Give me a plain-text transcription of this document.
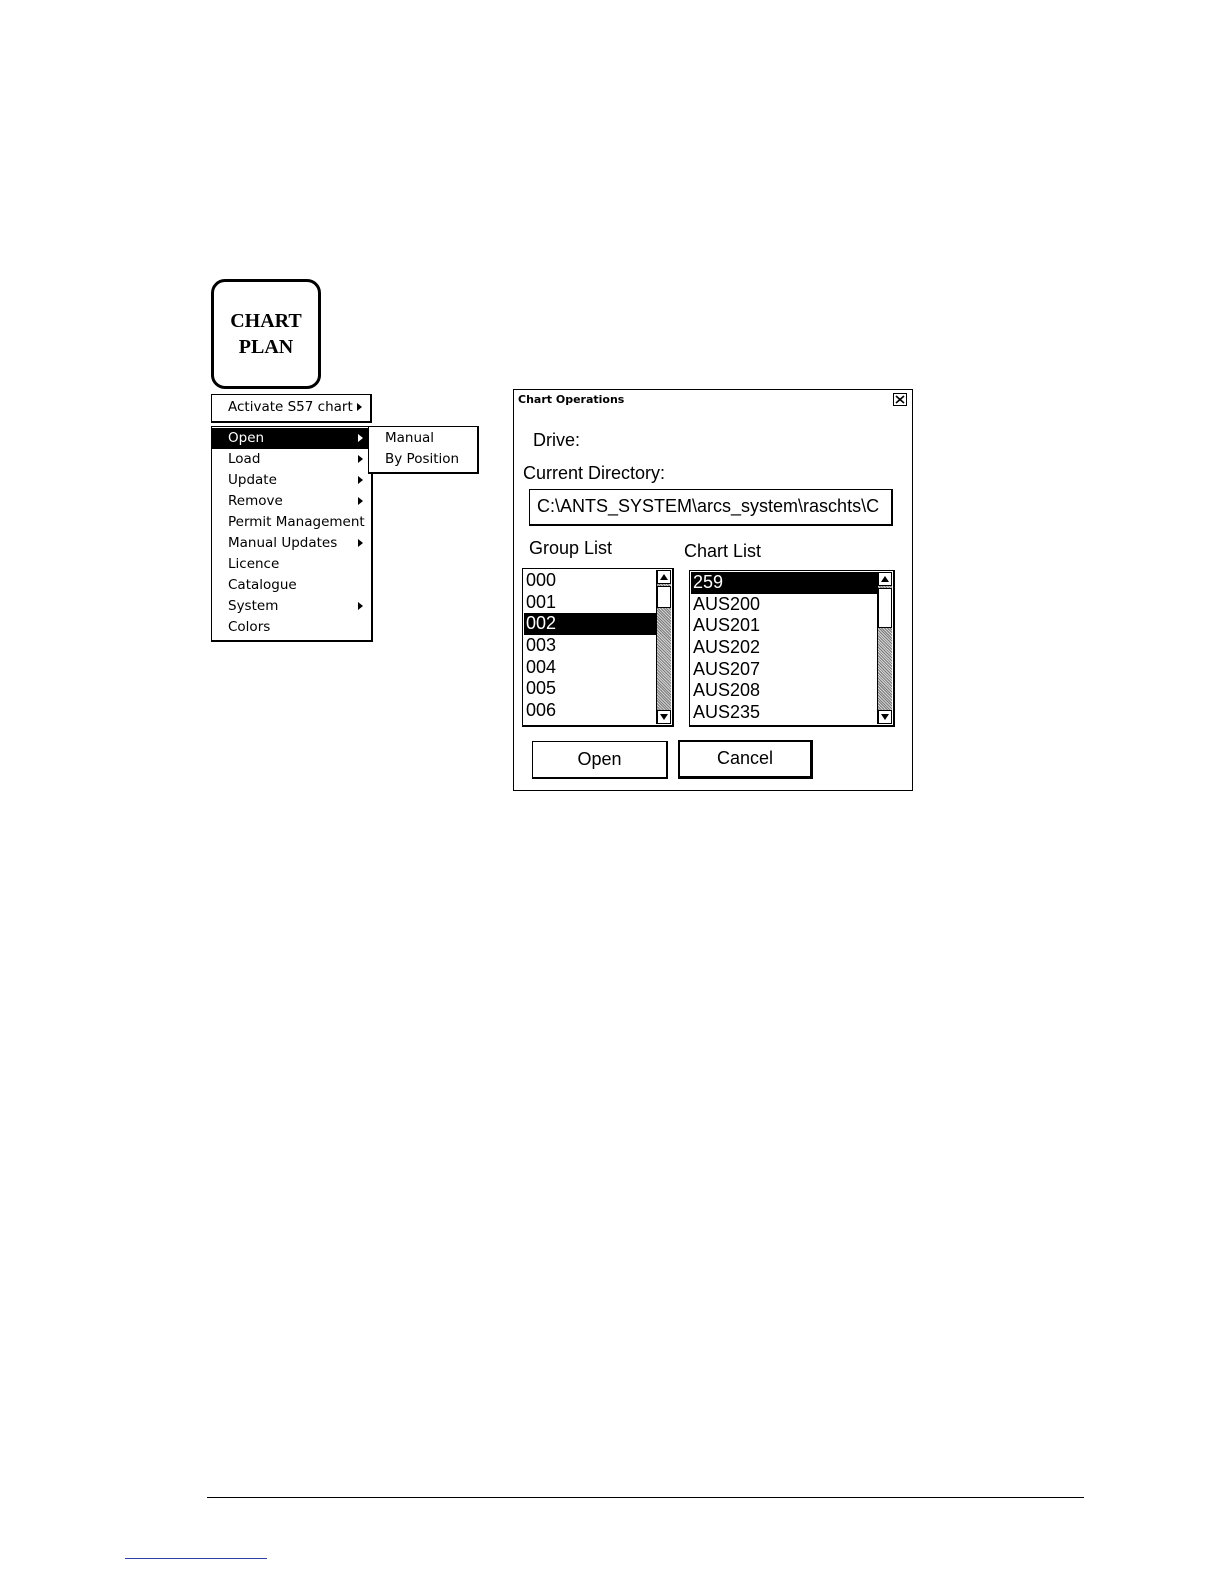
CHART
PLAN
Activate S57 chart
Open
Load
Update
Remove
Permit Management
Manual Updates
Licence
Catalogue
System
Colors
Manual
By Position
Chart Operations
Drive:
Current Directory:
C:\ANTS_SYSTEM\arcs_system\raschts\C
Group List	Chart List
000
001
002
003
004
005
006
259
AUS200
AUS201
AUS202
AUS207
AUS208
AUS235
Open	Cancel
